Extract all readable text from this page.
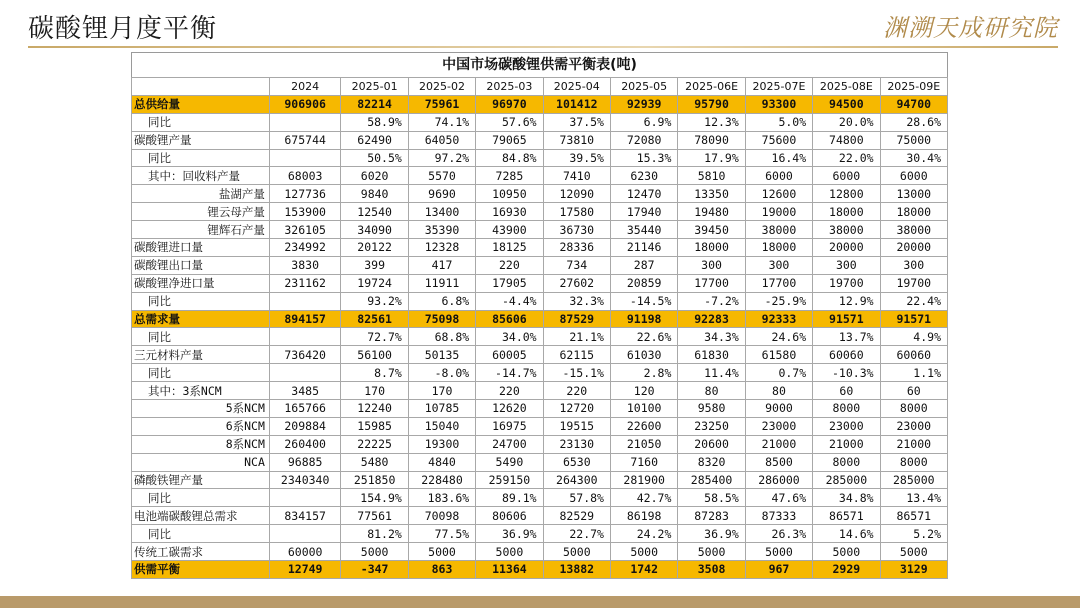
碳酸锂月度平衡	渊溯天成研究院
中国市场碳酸锂供需平衡表(吨)
	2024	2025-01	2025-02	2025-03	2025-04	2025-05	2025-06E	2025-07E	2025-08E	2025-09E
总供给量	906906	82214	75961	96970	101412	92939	95790	93300	94500	94700
同比		58.9%	74.1%	57.6%	37.5%	6.9%	12.3%	5.0%	20.0%	28.6%
碳酸锂产量	675744	62490	64050	79065	73810	72080	78090	75600	74800	75000
同比		50.5%	97.2%	84.8%	39.5%	15.3%	17.9%	16.4%	22.0%	30.4%
其中：回收料产量	68003	6020	5570	7285	7410	6230	5810	6000	6000	6000
盐湖产量	127736	9840	9690	10950	12090	12470	13350	12600	12800	13000
锂云母产量	153900	12540	13400	16930	17580	17940	19480	19000	18000	18000
锂辉石产量	326105	34090	35390	43900	36730	35440	39450	38000	38000	38000
碳酸锂进口量	234992	20122	12328	18125	28336	21146	18000	18000	20000	20000
碳酸锂出口量	3830	399	417	220	734	287	300	300	300	300
碳酸锂净进口量	231162	19724	11911	17905	27602	20859	17700	17700	19700	19700
同比		93.2%	6.8%	-4.4%	32.3%	-14.5%	-7.2%	-25.9%	12.9%	22.4%
总需求量	894157	82561	75098	85606	87529	91198	92283	92333	91571	91571
同比		72.7%	68.8%	34.0%	21.1%	22.6%	34.3%	24.6%	13.7%	4.9%
三元材料产量	736420	56100	50135	60005	62115	61030	61830	61580	60060	60060
同比		8.7%	-8.0%	-14.7%	-15.1%	2.8%	11.4%	0.7%	-10.3%	1.1%
其中：3系NCM	3485	170	170	220	220	120	80	80	60	60
5系NCM	165766	12240	10785	12620	12720	10100	9580	9000	8000	8000
6系NCM	209884	15985	15040	16975	19515	22600	23250	23000	23000	23000
8系NCM	260400	22225	19300	24700	23130	21050	20600	21000	21000	21000
NCA	96885	5480	4840	5490	6530	7160	8320	8500	8000	8000
磷酸铁锂产量	2340340	251850	228480	259150	264300	281900	285400	286000	285000	285000
同比		154.9%	183.6%	89.1%	57.8%	42.7%	58.5%	47.6%	34.8%	13.4%
电池端碳酸锂总需求	834157	77561	70098	80606	82529	86198	87283	87333	86571	86571
同比		81.2%	77.5%	36.9%	22.7%	24.2%	36.9%	26.3%	14.6%	5.2%
传统工碳需求	60000	5000	5000	5000	5000	5000	5000	5000	5000	5000
供需平衡	12749	-347	863	11364	13882	1742	3508	967	2929	3129
